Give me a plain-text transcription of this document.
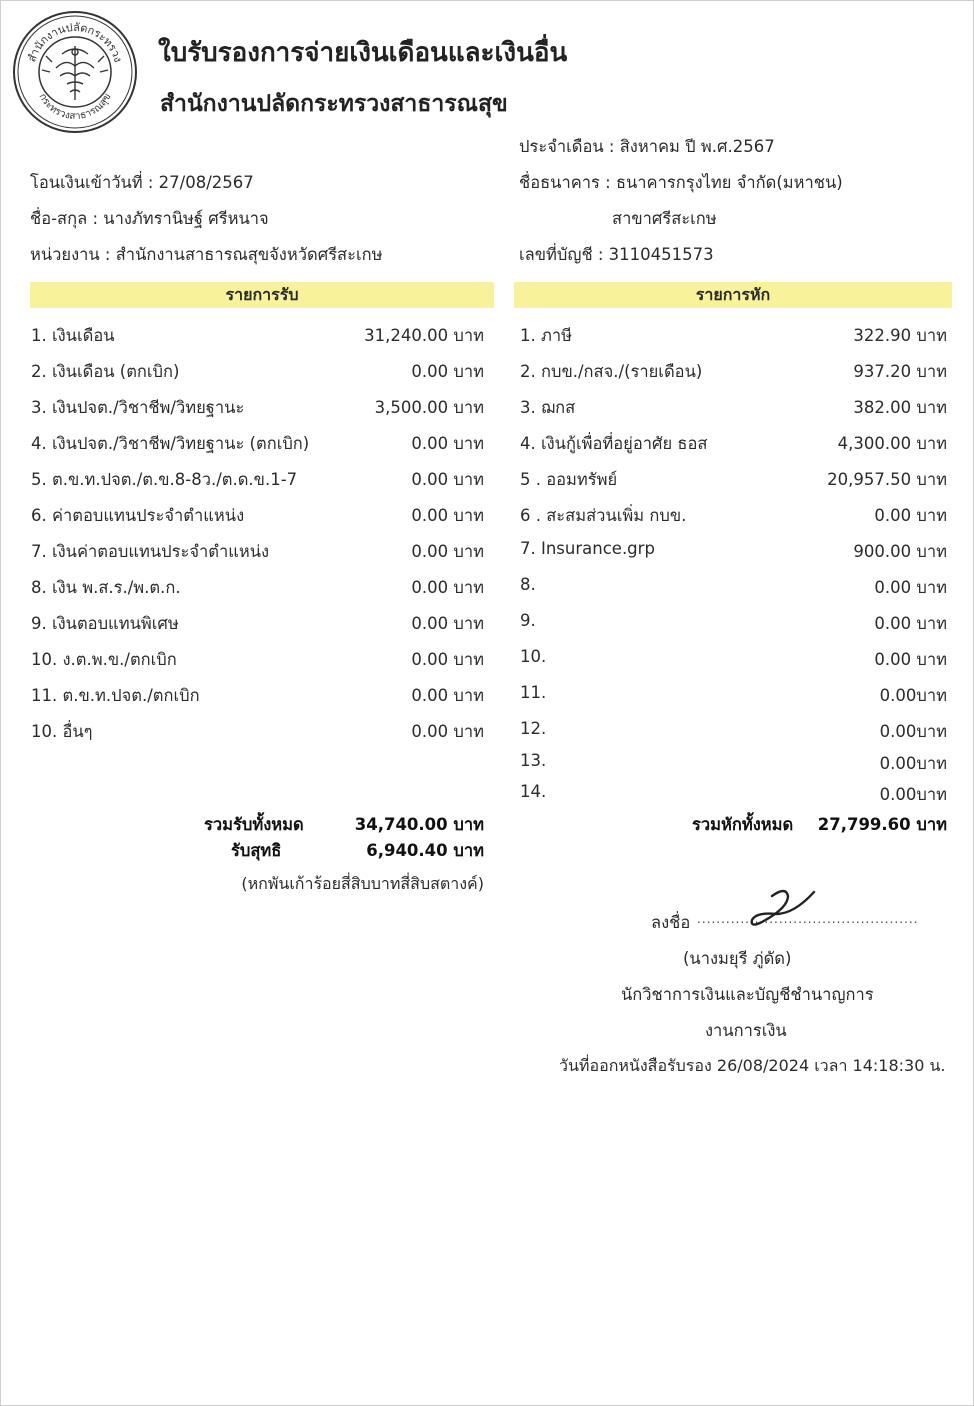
สำนักงานปลัดกระทรวง
กระทรวงสาธารณสุข
ใบรับรองการจ่ายเงินเดือนและเงินอื่น
สำนักงานปลัดกระทรวงสาธารณสุข
ประจำเดือน : สิงหาคม ปี พ.ศ.2567
โอนเงินเข้าวันที่ : 27/08/2567	ชื่อธนาคาร : ธนาคารกรุงไทย จำกัด(มหาชน)
ชื่อ-สกุล : นางภัทรานิษฐ์ ศรีหนาจ	สาขาศรีสะเกษ
หน่วยงาน : สำนักงานสาธารณสุขจังหวัดศรีสะเกษ	เลขที่บัญชี : 3110451573
รายการรับ	รายการหัก
1. เงินเดือน	31,240.00 บาท
2. เงินเดือน (ตกเบิก)	0.00 บาท
3. เงินปจต./วิชาชีพ/วิทยฐานะ	3,500.00 บาท
4. เงินปจต./วิชาชีพ/วิทยฐานะ (ตกเบิก)	0.00 บาท
5. ต.ข.ท.ปจต./ต.ข.8-8ว./ต.ด.ข.1-7	0.00 บาท
6. ค่าตอบแทนประจำตำแหน่ง	0.00 บาท
7. เงินค่าตอบแทนประจำตำแหน่ง	0.00 บาท
8. เงิน พ.ส.ร./พ.ต.ก.	0.00 บาท
9. เงินตอบแทนพิเศษ	0.00 บาท
10. ง.ต.พ.ข./ตกเบิก	0.00 บาท
11. ต.ข.ท.ปจต./ตกเบิก	0.00 บาท
10. อื่นๆ	0.00 บาท
1. ภาษี	322.90 บาท
2. กบข./กสจ./(รายเดือน)	937.20 บาท
3. ฌกส	382.00 บาท
4. เงินกู้เพื่อที่อยู่อาศัย ธอส	4,300.00 บาท
5 . ออมทรัพย์	20,957.50 บาท
6 . สะสมส่วนเพิ่ม กบข.	0.00 บาท
7. Insurance.grp	900.00 บาท
8.	0.00 บาท
9.	0.00 บาท
10.	0.00 บาท
11.	0.00บาท
12.	0.00บาท
13.	0.00บาท
14.	0.00บาท
รวมรับทั้งหมด	34,740.00 บาท
รับสุทธิ	6,940.40 บาท
(หกพันเก้าร้อยสี่สิบบาทสี่สิบสตางค์)
รวมหักทั้งหมด 27,799.60 บาท
ลงชื่อ ..............................................
(นางมยุรี ภู่ดัด)
นักวิชาการเงินและบัญชีชำนาญการ
งานการเงิน
วันที่ออกหนังสือรับรอง 26/08/2024 เวลา 14:18:30 น.
